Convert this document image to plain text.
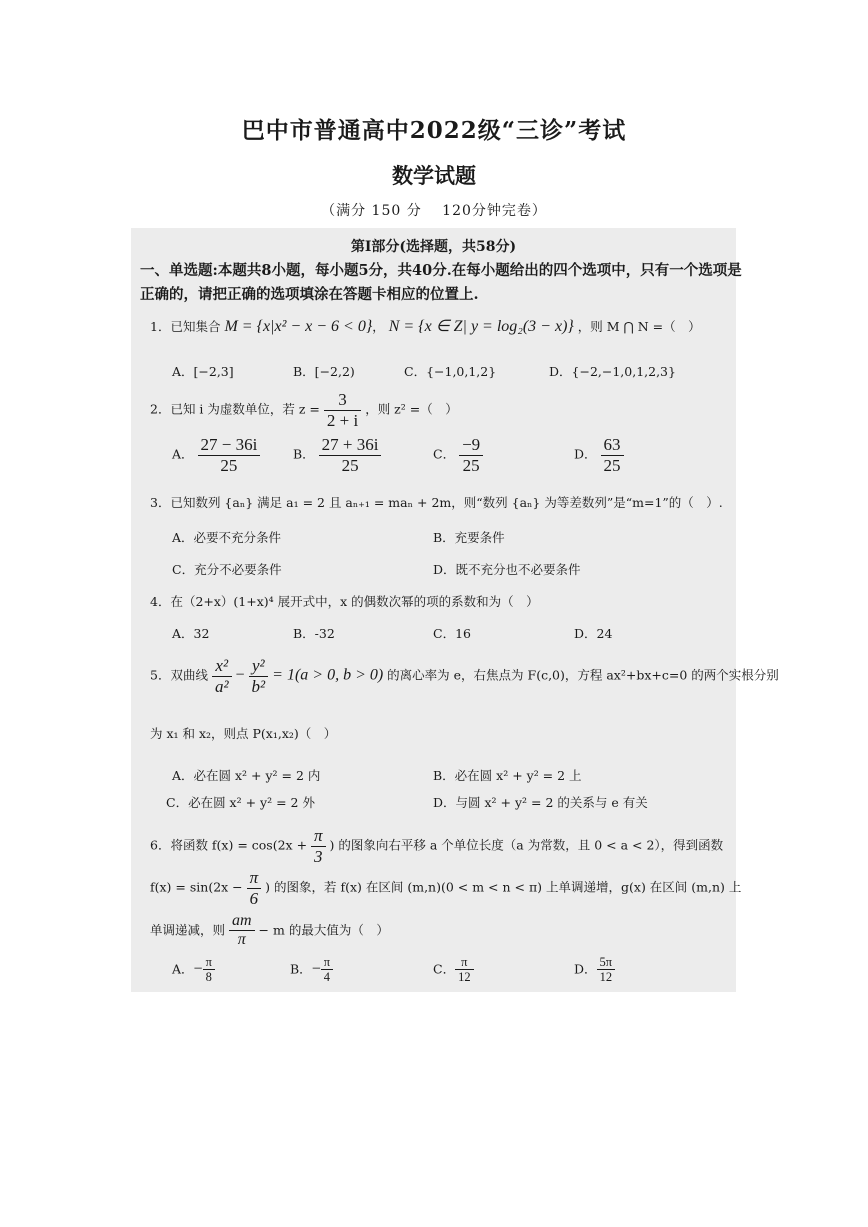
巴中市普通高中2022级“三诊”考试
数学试题
（满分 150 分　 120分钟完卷）
第Ⅰ部分(选择题，共58分)
一、单选题:本题共8小题，每小题5分，共40分.在每小题给出的四个选项中，只有一个选项是
正确的，请把正确的选项填涂在答题卡相应的位置上.
1．已知集合 M = {x|x² − x − 6 < 0}， N = {x ∈ Z| y = log₂(3 − x)} ，则 M ⋂ N =（　）
A．[−2,3]	B．[−2,2)	C．{−1,0,1,2}	D．{−2,−1,0,1,2,3}
2．已知 i 为虚数单位，若 $z = \frac{3}{2 + i}$ ，则 z² =（　）
A． $\frac{27 - 36i}{25}$	B． $\frac{27 + 36i}{25}$	C． $\frac{-9}{25}$	D． $\frac{63}{25}$
3．已知数列 {aₙ} 满足 a₁ = 2 且 aₙ₊₁ = maₙ + 2m，则“数列 {aₙ} 为等差数列”是“m=1”的（　）.
A．必要不充分条件	B．充要条件
C．充分不必要条件	D．既不充分也不必要条件
4．在（2+x）(1+x)⁴ 展开式中，x 的偶数次幂的项的系数和为（　）
A．32	B．-32	C．16	D．24
5．双曲线 $\frac{\text{x²}}{\text{a²}} - \frac{\text{y²}}{\text{b²}} = 1(a > 0$, b > 0) 的离心率为 e，右焦点为 F(c,0)，方程 ax²+bx+c=0 的两个实根分别
为 x₁ 和 x₂，则点 P(x₁,x₂)（　）
A．必在圆 x² + y² = 2 内	B．必在圆 x² + y² = 2 上
C．必在圆 x² + y² = 2 外	D．与圆 x² + y² = 2 的关系与 e 有关
6．将函数 $f(x) = \cos(2x + \frac{\pi}{3}$ ) 的图象向右平移 a 个单位长度（a 为常数，且 0 < a < 2），得到函数
$f(x) = \sin(2x - \frac{\pi}{6}$ ) 的图象，若 f(x) 在区间 (m,n)(0 < m < n < π) 上单调递增，g(x) 在区间 (m,n) 上
单调递减，则 $\frac{am}{\pi} - m$ 的最大值为（　）
A．− $\frac{\pi}{8}$	B．− $\frac{\pi}{4}$	C． $\frac{\pi}{12}$	D． $\frac{5\pi}{12}$
